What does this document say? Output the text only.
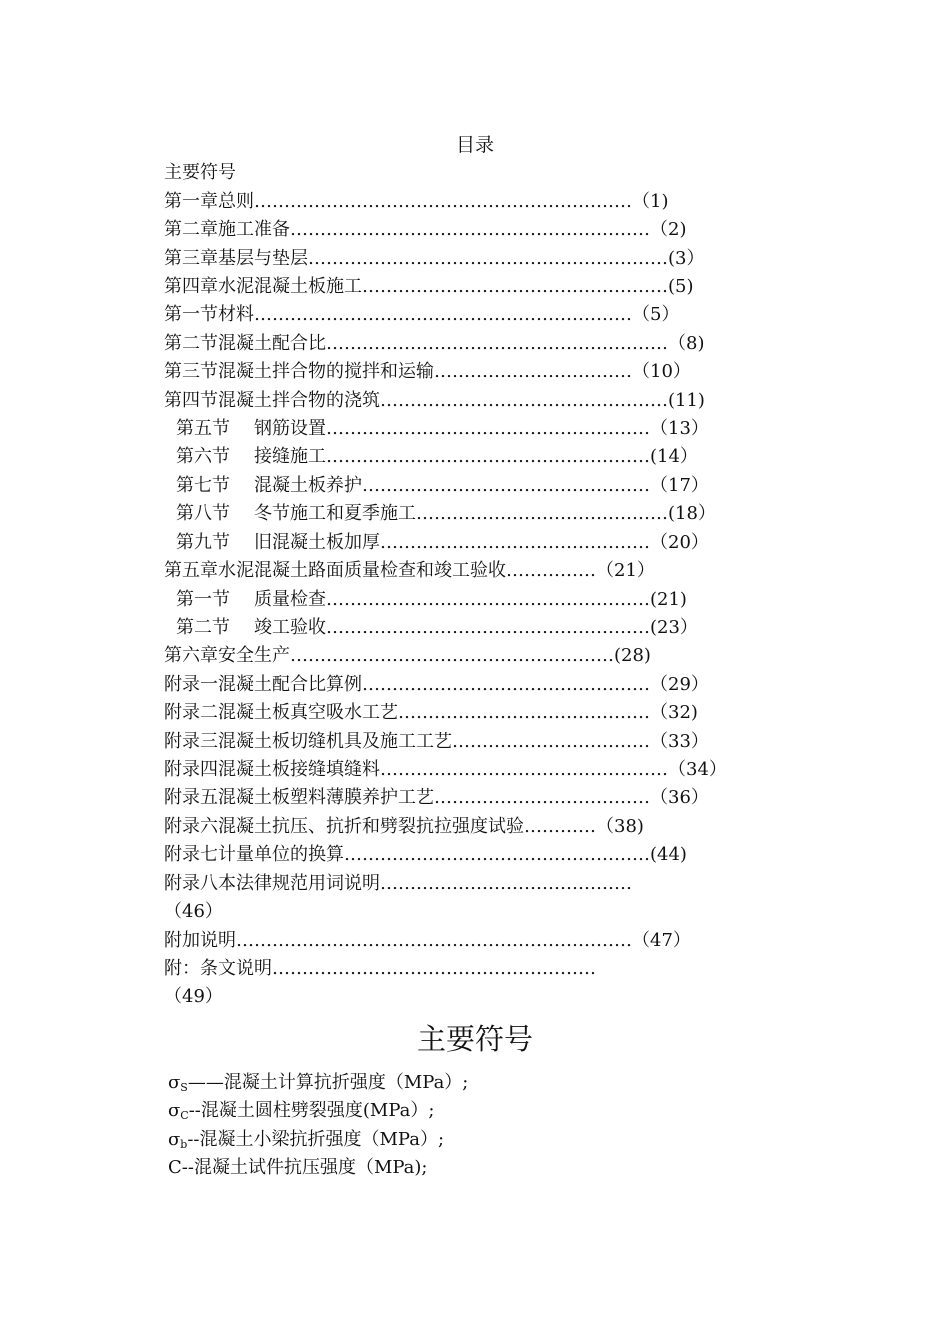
目录
主要符号
第一章总则………………………………………………………（1)
第二章施工准备……………………………………………………（2)
第三章基层与垫层……………………………………………………(3）
第四章水泥混凝土板施工……………………………………………(5)
第一节材料………………………………………………………（5）
第二节混凝土配合比…………………………………………………（8)
第三节混凝土拌合物的搅拌和运输……………………………（10）
第四节混凝土拌合物的浇筑…………………………………………(11)
第五节 钢筋设置………………………………………………（13）
第六节 接缝施工………………………………………………(14）
第七节 混凝土板养护…………………………………………（17）
第八节 冬节施工和夏季施工……………………………………(18）
第九节 旧混凝土板加厚………………………………………（20）
第五章水泥混凝土路面质量检查和竣工验收……………（21）
第一节 质量检查………………………………………………(21)
第二节 竣工验收………………………………………………(23）
第六章安全生产………………………………………………(28)
附录一混凝土配合比算例…………………………………………（29）
附录二混凝土板真空吸水工艺……………………………………（32)
附录三混凝土板切缝机具及施工工艺……………………………（33）
附录四混凝土板接缝填缝料…………………………………………（34）
附录五混凝土板塑料薄膜养护工艺………………………………（36）
附录六混凝土抗压、抗折和劈裂抗拉强度试验…………（38)
附录七计量单位的换算……………………………………………(44)
附录八本法律规范用词说明……………………………………
（46）
附加说明…………………………………………………………（47）
附：条文说明………………………………………………
（49）
主要符号
$\sigma_S——$混凝土计算抗折强度（MPa）;
$\sigma_C--$混凝土圆柱劈裂强度(MPa）;
$\sigma_b--$混凝土小梁抗折强度（MPa）;
C--混凝土试件抗压强度（MPa);
